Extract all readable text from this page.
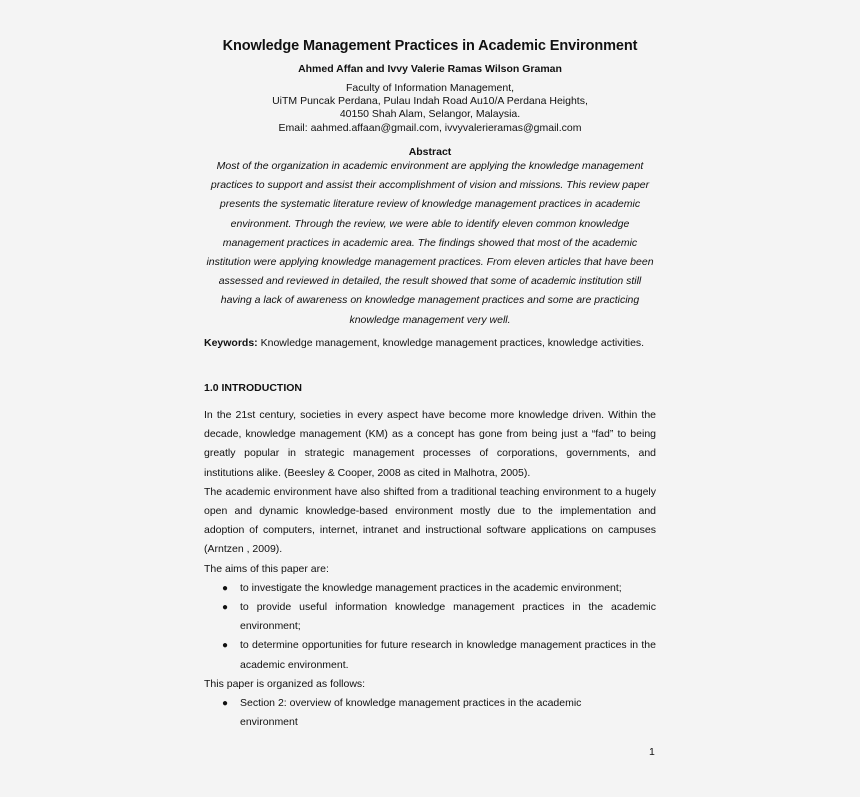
Knowledge Management Practices in Academic Environment
Ahmed Affan and Ivvy Valerie Ramas Wilson Graman
Faculty of Information Management,
UiTM Puncak Perdana, Pulau Indah Road Au10/A Perdana Heights,
40150 Shah Alam, Selangor, Malaysia.
Email: aahmed.affaan@gmail.com, ivvyvalerieramas@gmail.com
Abstract
Most of the organization in academic environment are applying the knowledge management practices to support and assist their accomplishment of vision and missions. This review paper presents the systematic literature review of knowledge management practices in academic environment. Through the review, we were able to identify eleven common knowledge management practices in academic area. The findings showed that most of the academic institution were applying knowledge management practices. From eleven articles that have been assessed and reviewed in detailed, the result showed that some of academic institution still having a lack of awareness on knowledge management practices and some are practicing knowledge management very well.
Keywords: Knowledge management, knowledge management practices, knowledge activities.
1.0 INTRODUCTION

In the 21st century, societies in every aspect have become more knowledge driven. Within the decade, knowledge management (KM) as a concept has gone from being just a “fad” to being greatly popular in strategic management processes of corporations, governments, and institutions alike. (Beesley & Cooper, 2008 as cited in Malhotra, 2005).

The academic environment have also shifted from a traditional teaching environment to a hugely open and dynamic knowledge-based environment mostly due to the implementation and adoption of computers, internet, intranet and instructional software applications on campuses (Arntzen , 2009).

The aims of this paper are:

● to investigate the knowledge management practices in the academic environment;
● to provide useful information knowledge management practices in the academic environment;
● to determine opportunities for future research in knowledge management practices in the academic environment.

This paper is organized as follows:

● Section 2: overview of knowledge management practices in the academic environment
1
